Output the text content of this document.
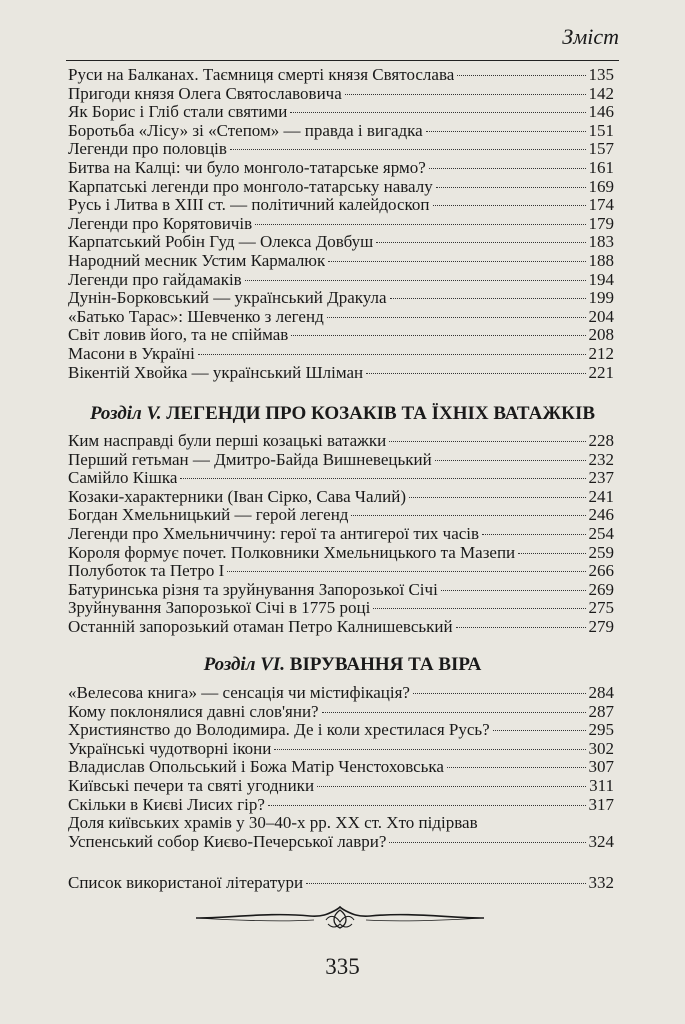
Зміст
Руси на Балканах. Таємниця смерті князя Святослава	135
Пригоди князя Олега Святославовича	142
Як Борис і Гліб стали святими	146
Боротьба «Лісу» зі «Степом» — правда і вигадка	151
Легенди про половців	157
Битва на Калці: чи було монголо-татарське ярмо?	161
Карпатські легенди про монголо-татарську навалу	169
Русь і Литва в XIII ст. — політичний калейдоскоп	174
Легенди про Корятовичів	179
Карпатський Робін Гуд — Олекса Довбуш	183
Народний месник Устим Кармалюк	188
Легенди про гайдамаків	194
Дунін-Борковський — український Дракула	199
«Батько Тарас»: Шевченко з легенд	204
Світ ловив його, та не спіймав	208
Масони в Україні	212
Вікентій Хвойка — український Шліман	221
Розділ V. ЛЕГЕНДИ ПРО КОЗАКІВ ТА ЇХНІХ ВАТАЖКІВ
Ким насправді були перші козацькі ватажки	228
Перший гетьман — Дмитро-Байда Вишневецький	232
Самійло Кішка	237
Козаки-характерники (Іван Сірко, Сава Чалий)	241
Богдан Хмельницький — герой легенд	246
Легенди про Хмельниччину: герої та антигерої тих часів	254
Короля формує почет. Полковники Хмельницького та Мазепи	259
Полуботок та Петро І	266
Батуринська різня та зруйнування Запорозької Січі	269
Зруйнування Запорозької Січі в 1775 році	275
Останній запорозький отаман Петро Калнишевський	279
Розділ VI. ВІРУВАННЯ ТА ВІРА
«Велесова книга» — сенсація чи містифікація?	284
Кому поклонялися давні слов'яни?	287
Християнство до Володимира. Де і коли хрестилася Русь?	295
Українські чудотворні ікони	302
Владислав Опольський і Божа Матір Ченстоховська	307
Київські печери та святі угодники	311
Скільки в Києві Лисих гір?	317
Доля київських храмів у 30–40-х рр. ХХ ст. Хто підірвав
Успенський собор Києво-Печерської лаври?	324
Список використаної літератури	332
335
